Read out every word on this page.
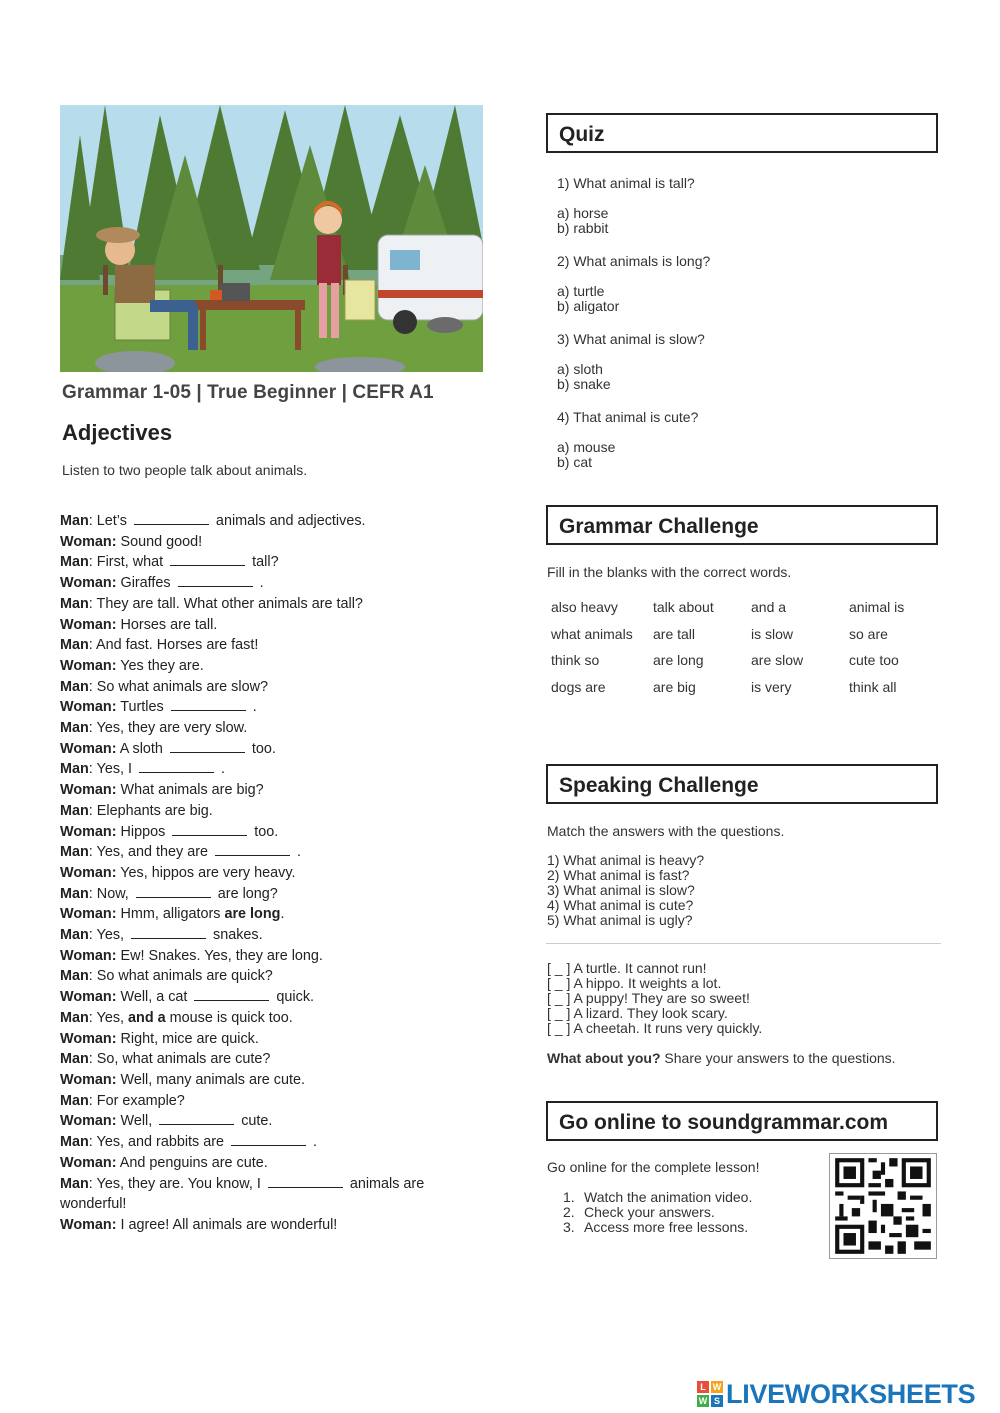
Grammar 1-05 | True Beginner | CEFR A1
Adjectives
Listen to two people talk about animals.
Man: Let’s	animals and adjectives.
Woman: Sound good!
Man: First, what	tall?
Woman: Giraffes	.
Man: They are tall. What other animals are tall?
Woman: Horses are tall.
Man: And fast. Horses are fast!
Woman: Yes they are.
Man: So what animals are slow?
Woman: Turtles	.
Man: Yes, they are very slow.
Woman: A sloth	too.
Man: Yes, I	.
Woman: What animals are big?
Man: Elephants are big.
Woman: Hippos	too.
Man: Yes, and they are	.
Woman: Yes, hippos are very heavy.
Man: Now,	are long?
Woman: Hmm, alligators are long.
Man: Yes,	snakes.
Woman: Ew! Snakes. Yes, they are long.
Man: So what animals are quick?
Woman: Well, a cat	quick.
Man: Yes, and a mouse is quick too.
Woman: Right, mice are quick.
Man: So, what animals are cute?
Woman: Well, many animals are cute.
Man: For example?
Woman: Well,	cute.
Man: Yes, and rabbits are	.
Woman: And penguins are cute.
Man: Yes, they are. You know, I	animals are wonderful!
Woman: I agree! All animals are wonderful!
Quiz
1) What animal is tall?
a) horse
b) rabbit
2) What animals is long?
a) turtle
b) aligator
3) What animal is slow?
a) sloth
b) snake
4) That animal is cute?
a) mouse
b) cat
Grammar Challenge
Fill in the blanks with the correct words.
also heavy	talk about	and a	animal is
what animals	are tall	is slow	so are
think so	are long	are slow	cute too
dogs are	are big	is very	think all
Speaking Challenge
Match the answers with the questions.
1) What animal is heavy?
2) What animal is fast?
3) What animal is slow?
4) What animal is cute?
5) What animal is ugly?
[ _ ] A turtle. It cannot run!
[ _ ] A hippo. It weights a lot.
[ _ ] A puppy! They are so sweet!
[ _ ] A lizard. They look scary.
[ _ ] A cheetah. It runs very quickly.
What about you? Share your answers to the questions.
Go online to soundgrammar.com
Go online for the complete lesson!
1. Watch the animation video.
2. Check your answers.
3. Access more free lessons.
L W
W S LIVEWORKSHEETS
